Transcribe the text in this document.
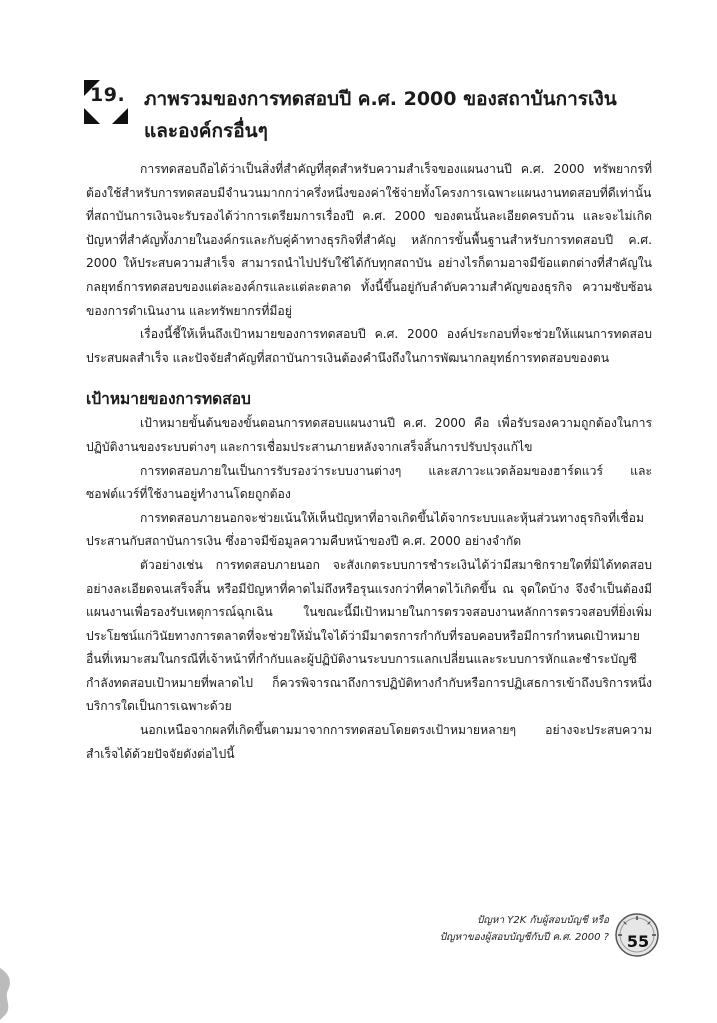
19. ภาพรวมของการทดสอบปี ค.ศ. 2000 ของสถาบันการเงิน
และองค์กรอื่นๆ

การทดสอบถือได้ว่าเป็นสิ่งที่สำคัญที่สุดสำหรับความสำเร็จของแผนงานปี ค.ศ. 2000 ทรัพยากรที่ต้องใช้สำหรับการทดสอบมีจำนวนมากกว่าครึ่งหนึ่งของค่าใช้จ่ายทั้งโครงการเฉพาะแผนงานทดสอบที่ดีเท่านั้นที่สถาบันการเงินจะรับรองได้ว่าการเตรียมการเรื่องปี ค.ศ. 2000 ของตนนั้นละเอียดครบถ้วน และจะไม่เกิดปัญหาที่สำคัญทั้งภายในองค์กรและกับคู่ค้าทางธุรกิจที่สำคัญ หลักการขั้นพื้นฐานสำหรับการทดสอบปี ค.ศ. 2000 ให้ประสบความสำเร็จ สามารถนำไปปรับใช้ได้กับทุกสถาบัน อย่างไรก็ตามอาจมีข้อแตกต่างที่สำคัญในกลยุทธ์การทดสอบของแต่ละองค์กรและแต่ละตลาด ทั้งนี้ขึ้นอยู่กับลำดับความสำคัญของธุรกิจ ความซับซ้อนของการดำเนินงาน และทรัพยากรที่มีอยู่

เรื่องนี้ชี้ให้เห็นถึงเป้าหมายของการทดสอบปี ค.ศ. 2000 องค์ประกอบที่จะช่วยให้แผนการทดสอบประสบผลสำเร็จ และปัจจัยสำคัญที่สถาบันการเงินต้องคำนึงถึงในการพัฒนากลยุทธ์การทดสอบของตน

เป้าหมายของการทดสอบ

เป้าหมายขั้นต้นของขั้นตอนการทดสอบแผนงานปี ค.ศ. 2000 คือ เพื่อรับรองความถูกต้องในการปฏิบัติงานของระบบต่างๆ และการเชื่อมประสานภายหลังจากเสร็จสิ้นการปรับปรุงแก้ไข

การทดสอบภายในเป็นการรับรองว่าระบบงานต่างๆ และสภาวะแวดล้อมของฮาร์ดแวร์ และซอฟต์แวร์ที่ใช้งานอยู่ทำงานโดยถูกต้อง

การทดสอบภายนอกจะช่วยเน้นให้เห็นปัญหาที่อาจเกิดขึ้นได้จากระบบและหุ้นส่วนทางธุรกิจที่เชื่อมประสานกับสถาบันการเงิน ซึ่งอาจมีข้อมูลความคืบหน้าของปี ค.ศ. 2000 อย่างจำกัด

ตัวอย่างเช่น การทดสอบภายนอก จะสังเกตระบบการชำระเงินได้ว่ามีสมาชิกรายใดที่มิได้ทดสอบอย่างละเอียดจนเสร็จสิ้น หรือมีปัญหาที่คาดไม่ถึงหรือรุนแรงกว่าที่คาดไว้เกิดขึ้น ณ จุดใดบ้าง จึงจำเป็นต้องมีแผนงานเพื่อรองรับเหตุการณ์ฉุกเฉิน ในขณะนี้มีเป้าหมายในการตรวจสอบงานหลักการตรวจสอบที่ยิ่งเพิ่มประโยชน์แก่วินัยทางการตลาดที่จะช่วยให้มั่นใจได้ว่ามีมาตรการกำกับที่รอบคอบหรือมีการกำหนดเป้าหมายอื่นที่เหมาะสมในกรณีที่เจ้าหน้าที่กำกับและผู้ปฏิบัติงานระบบการแลกเปลี่ยนและระบบการหักและชำระบัญชีกำลังทดสอบเป้าหมายที่พลาดไป ก็ควรพิจารณาถึงการปฏิบัติทางกำกับหรือการปฏิเสธการเข้าถึงบริการหนึ่งบริการใดเป็นการเฉพาะด้วย

นอกเหนือจากผลที่เกิดขึ้นตามมาจากการทดสอบโดยตรงเป้าหมายหลายๆ อย่างจะประสบความสำเร็จได้ด้วยปัจจัยดังต่อไปนี้

ปัญหา Y2K กับผู้สอบบัญชี หรือ
ปัญหาของผู้สอบบัญชีกับปี ค.ศ. 2000 ?	55
